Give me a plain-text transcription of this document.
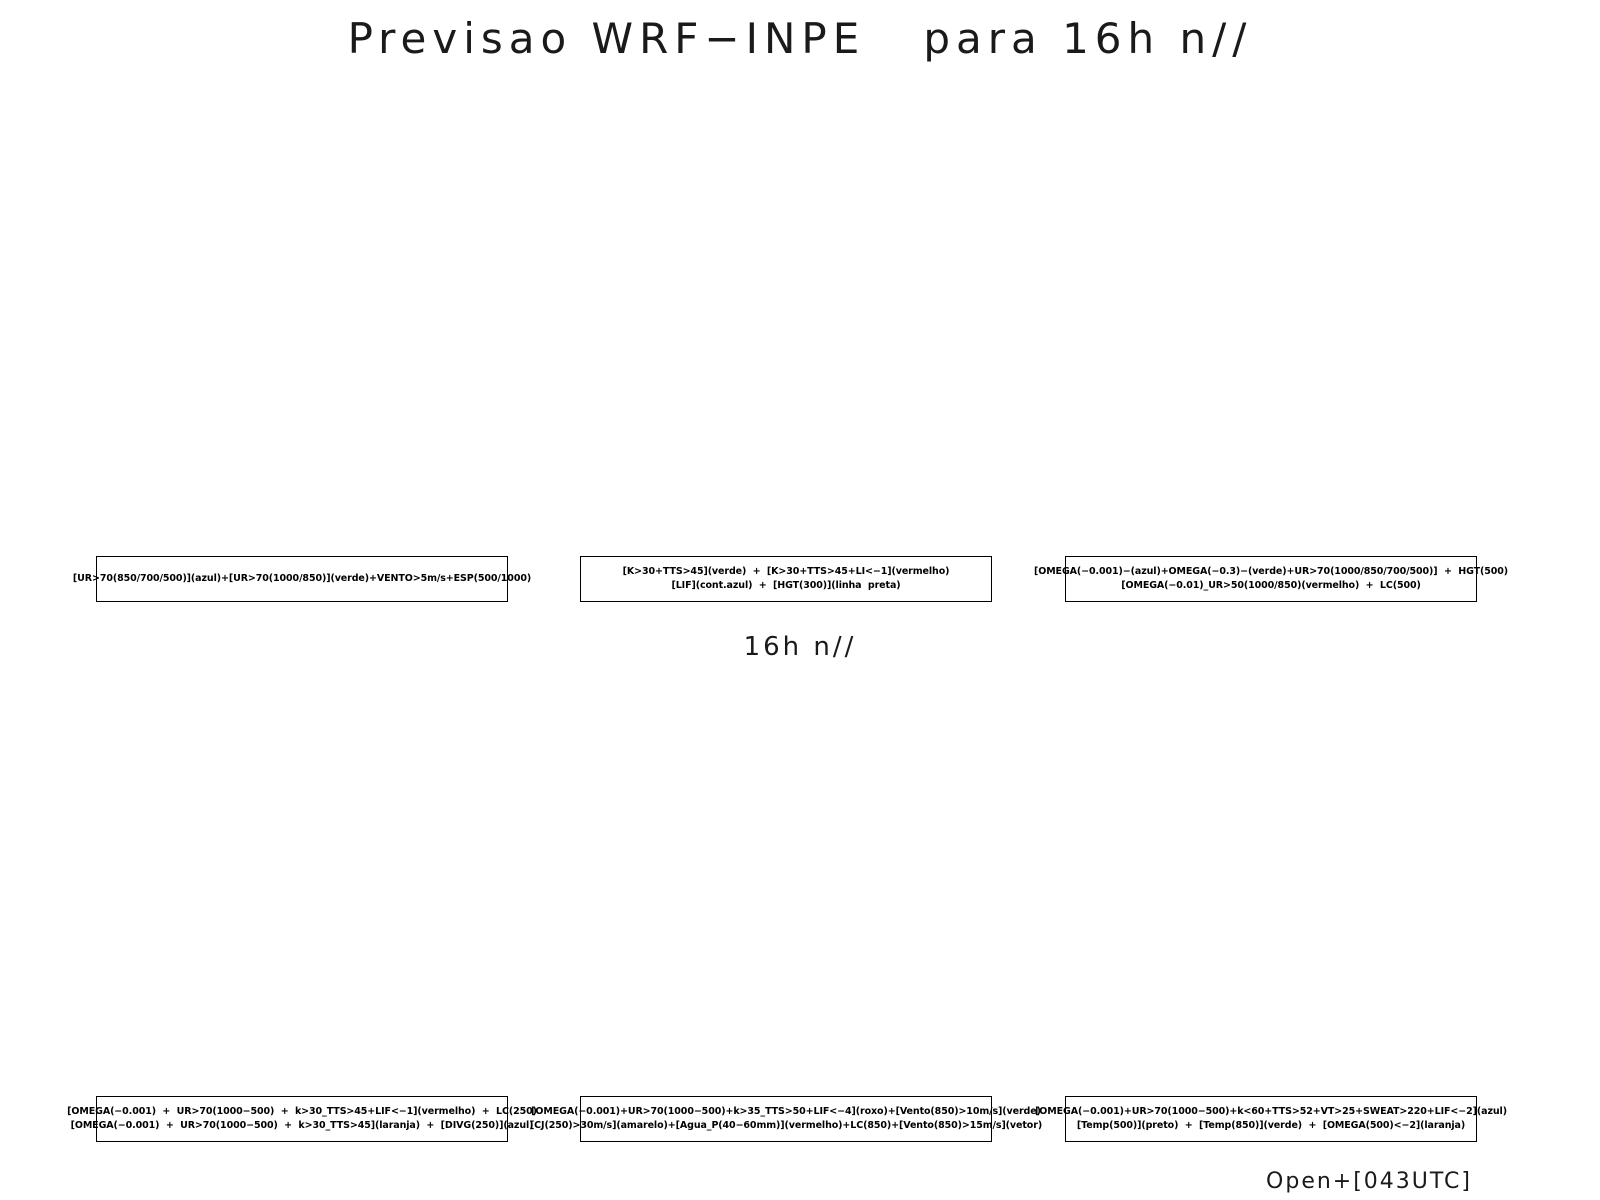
Previsao WRF−INPE   para 16h n//
[UR>70(850/700/500)](azul)+[UR>70(1000/850)](verde)+VENTO>5m/s+ESP(500/1000)
[K>30+TTS>45](verde)  +  [K>30+TTS>45+LI<−1](vermelho)
[LIF](cont.azul)  +  [HGT(300)](linha  preta)
[OMEGA(−0.001)−(azul)+OMEGA(−0.3)−(verde)+UR>70(1000/850/700/500)]  +  HGT(500)
[OMEGA(−0.01)_UR>50(1000/850)(vermelho)  +  LC(500)
16h n//
[OMEGA(−0.001)  +  UR>70(1000−500)  +  k>30_TTS>45+LIF<−1](vermelho)  +  LC(250)
[OMEGA(−0.001)  +  UR>70(1000−500)  +  k>30_TTS>45](laranja)  +  [DIVG(250)](azul)
[OMEGA(−0.001)+UR>70(1000−500)+k>35_TTS>50+LIF<−4](roxo)+[Vento(850)>10m/s](verde)
[CJ(250)>30m/s](amarelo)+[Agua_P(40−60mm)](vermelho)+LC(850)+[Vento(850)>15m/s](vetor)
[OMEGA(−0.001)+UR>70(1000−500)+k<60+TTS>52+VT>25+SWEAT>220+LIF<−2](azul)
[Temp(500)](preto)  +  [Temp(850)](verde)  +  [OMEGA(500)<−2](laranja)
Open+[043UTC]
